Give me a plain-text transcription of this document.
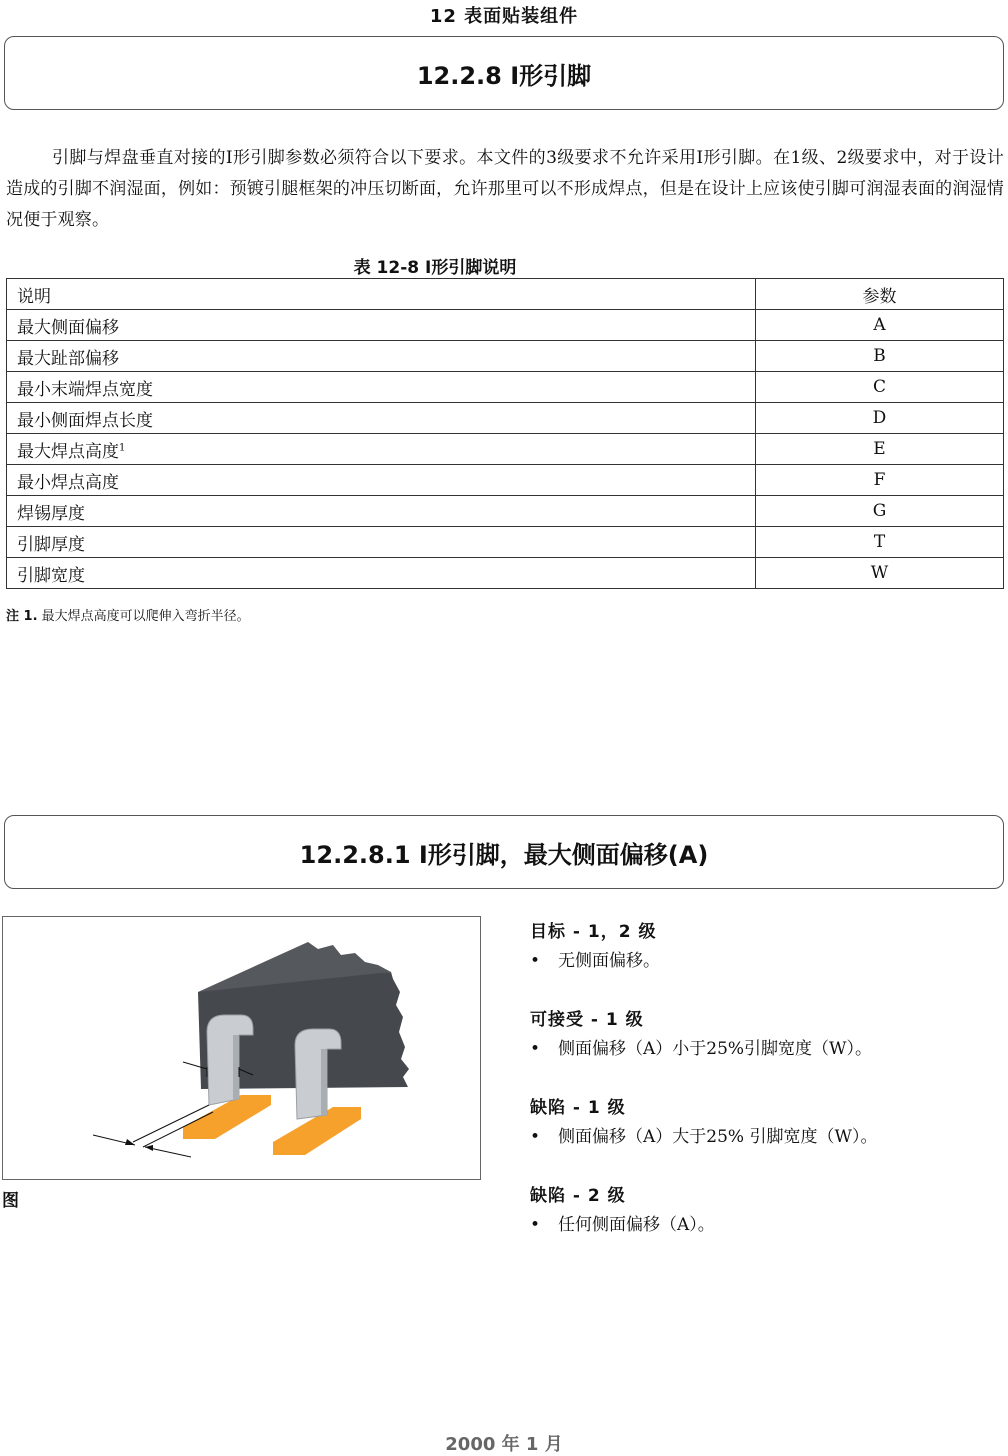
12 表面贴装组件
12.2.8 I形引脚
引脚与焊盘垂直对接的I形引脚参数必须符合以下要求。本文件的3级要求不允许采用I形引脚。在1级、2级要求中，对于设计造成的引脚不润湿面，例如：预镀引腿框架的冲压切断面，允许那里可以不形成焊点，但是在设计上应该使引脚可润湿表面的润湿情况便于观察。
表 12-8 I形引脚说明
说明	参数
最大侧面偏移	A
最大趾部偏移	B
最小末端焊点宽度	C
最小侧面焊点长度	D
最大焊点高度$^1$	E
最小焊点高度	F
焊锡厚度	G
引脚厚度	T
引脚宽度	W
注 1. 最大焊点高度可以爬伸入弯折半径。
12.2.8.1 I形引脚，最大侧面偏移(A)
图
目标 - 1，2 级
•	无侧面偏移。
可接受 - 1 级
•	侧面偏移（A）小于25%引脚宽度（W）。
缺陷 - 1 级
•	侧面偏移（A）大于25% 引脚宽度（W）。
缺陷 - 2 级
•	任何侧面偏移（A）。
2000 年 1 月
